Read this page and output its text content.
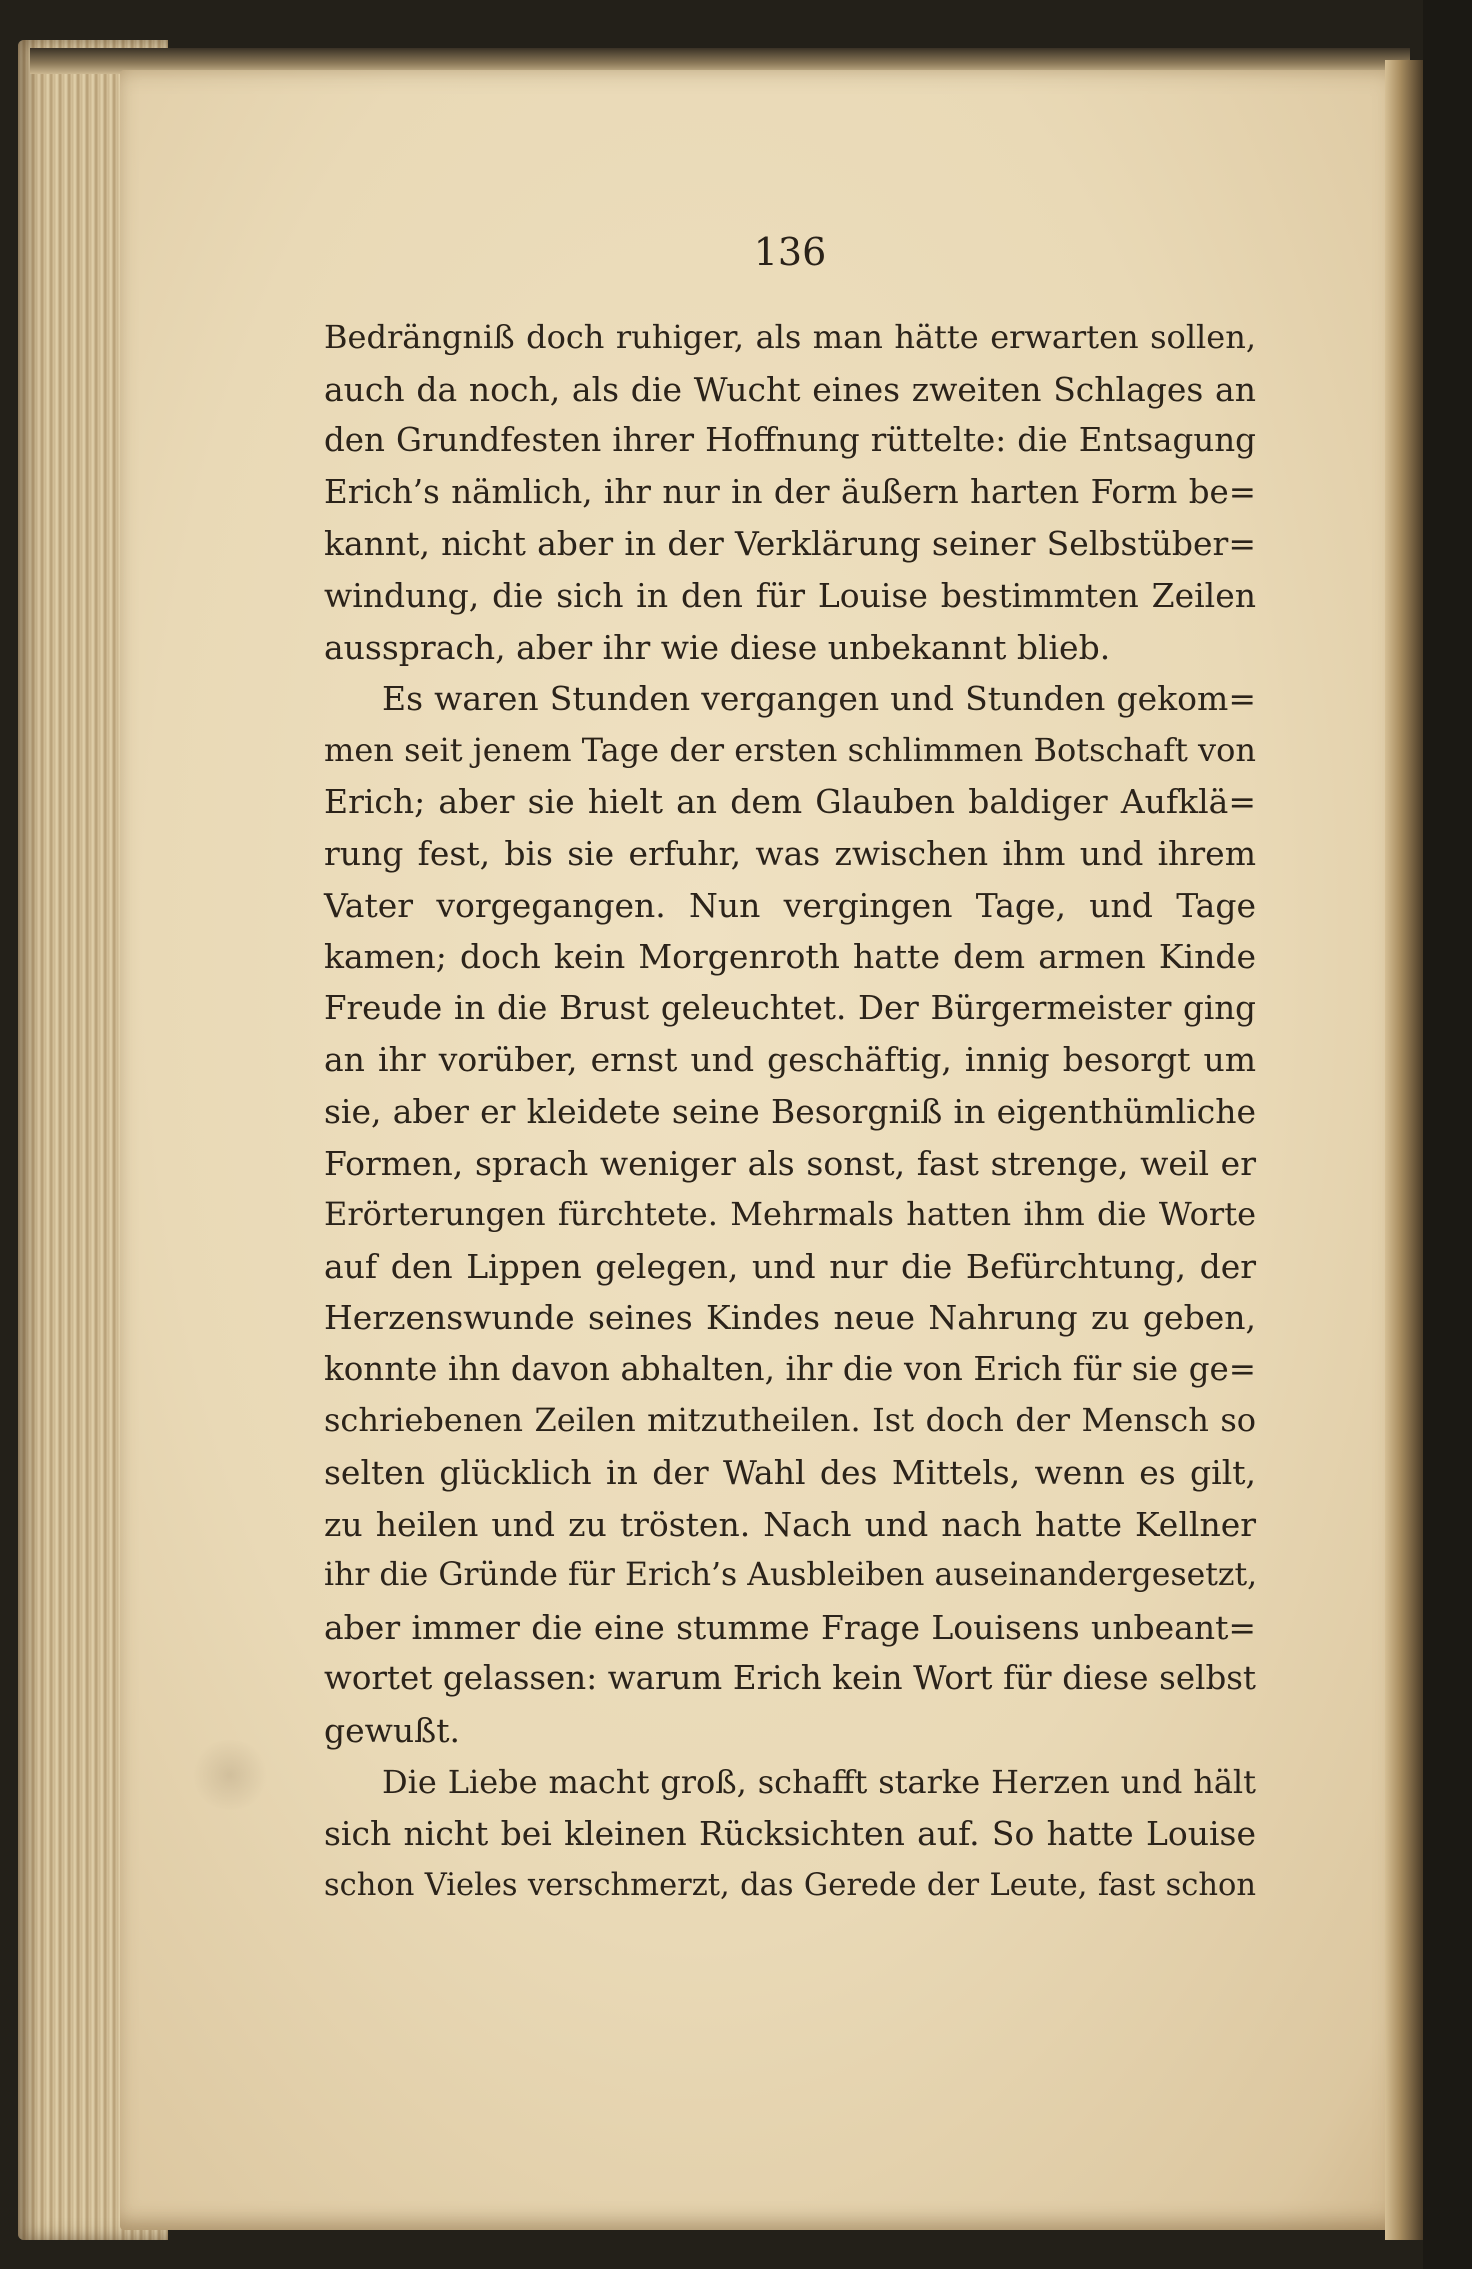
136
Bedrängniß doch ruhiger, als man hätte erwarten sollen,
auch da noch, als die Wucht eines zweiten Schlages an
den Grundfesten ihrer Hoffnung rüttelte: die Entsagung
Erich’s nämlich, ihr nur in der äußern harten Form be=
kannt, nicht aber in der Verklärung seiner Selbstüber=
windung, die sich in den für Louise bestimmten Zeilen
aussprach, aber ihr wie diese unbekannt blieb.
Es waren Stunden vergangen und Stunden gekom=
men seit jenem Tage der ersten schlimmen Botschaft von
Erich; aber sie hielt an dem Glauben baldiger Aufklä=
rung fest, bis sie erfuhr, was zwischen ihm und ihrem
Vater vorgegangen. Nun vergingen Tage, und Tage
kamen; doch kein Morgenroth hatte dem armen Kinde
Freude in die Brust geleuchtet. Der Bürgermeister ging
an ihr vorüber, ernst und geschäftig, innig besorgt um
sie, aber er kleidete seine Besorgniß in eigenthümliche
Formen, sprach weniger als sonst, fast strenge, weil er
Erörterungen fürchtete. Mehrmals hatten ihm die Worte
auf den Lippen gelegen, und nur die Befürchtung, der
Herzenswunde seines Kindes neue Nahrung zu geben,
konnte ihn davon abhalten, ihr die von Erich für sie ge=
schriebenen Zeilen mitzutheilen. Ist doch der Mensch so
selten glücklich in der Wahl des Mittels, wenn es gilt,
zu heilen und zu trösten. Nach und nach hatte Kellner
ihr die Gründe für Erich’s Ausbleiben auseinandergesetzt,
aber immer die eine stumme Frage Louisens unbeant=
wortet gelassen: warum Erich kein Wort für diese selbst
gewußt.
Die Liebe macht groß, schafft starke Herzen und hält
sich nicht bei kleinen Rücksichten auf. So hatte Louise
schon Vieles verschmerzt, das Gerede der Leute, fast schon
